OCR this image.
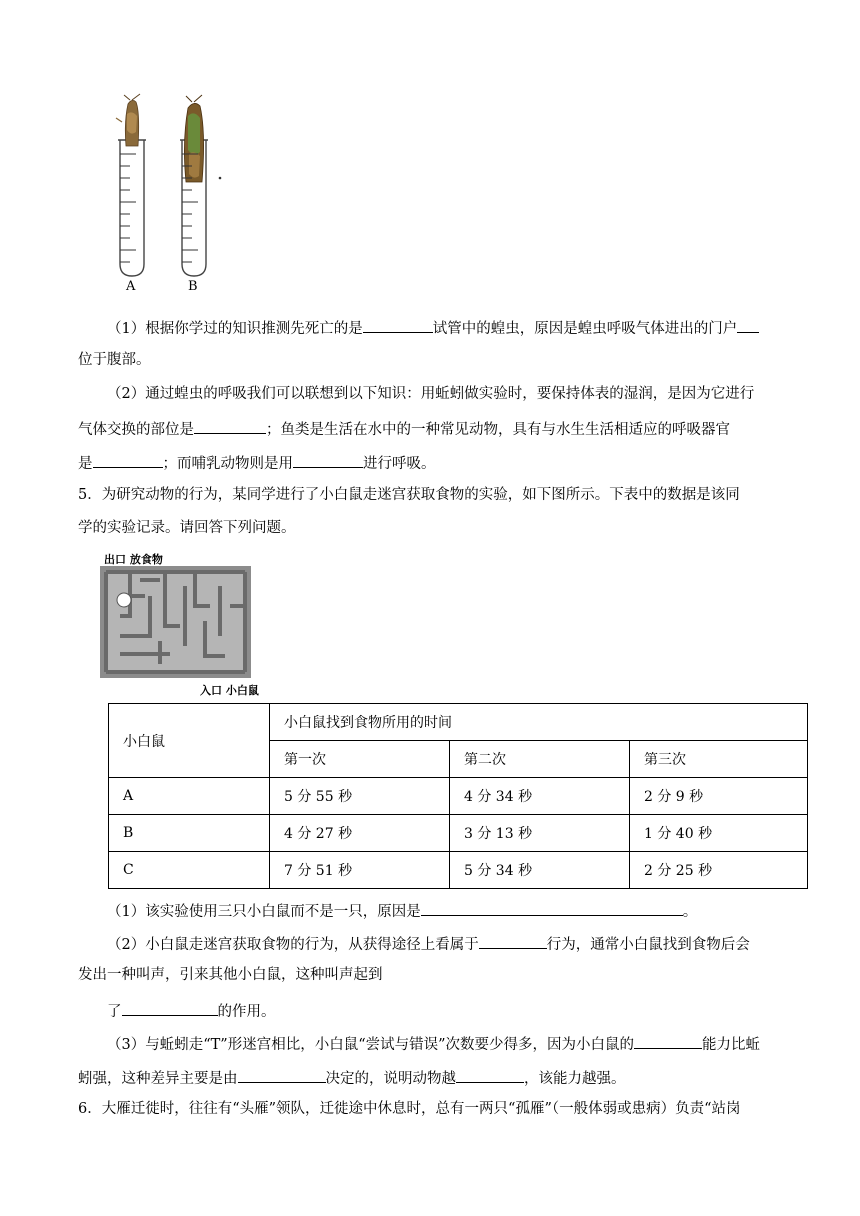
A	B
（1）根据你学过的知识推测先死亡的是	试管中的蝗虫，原因是蝗虫呼吸气体进出的门户
位于腹部。
（2）通过蝗虫的呼吸我们可以联想到以下知识：用蚯蚓做实验时，要保持体表的湿润，是因为它进行
气体交换的部位是	；鱼类是生活在水中的一种常见动物，具有与水生生活相适应的呼吸器官
是	；而哺乳动物则是用	进行呼吸。
5．为研究动物的行为，某同学进行了小白鼠走迷宫获取食物的实验，如下图所示。下表中的数据是该同
学的实验记录。请回答下列问题。
出口 放食物
入口 小白鼠
小白鼠	小白鼠找到食物所用的时间		
	第一次	第二次	第三次
A	5 分 55 秒	4 分 34 秒	2 分 9 秒
B	4 分 27 秒	3 分 13 秒	1 分 40 秒
C	7 分 51 秒	5 分 34 秒	2 分 25 秒
（1）该实验使用三只小白鼠而不是一只，原因是	。
（2）小白鼠走迷宫获取食物的行为，从获得途径上看属于	行为，通常小白鼠找到食物后会
发出一种叫声，引来其他小白鼠，这种叫声起到
了	的作用。
（3）与蚯蚓走“T”形迷宫相比，小白鼠“尝试与错误”次数要少得多，因为小白鼠的	能力比蚯
蚓强，这种差异主要是由	决定的，说明动物越	，该能力越强。
6．大雁迁徙时，往往有“头雁”领队，迁徙途中休息时，总有一两只“孤雁”（一般体弱或患病）负责“站岗
